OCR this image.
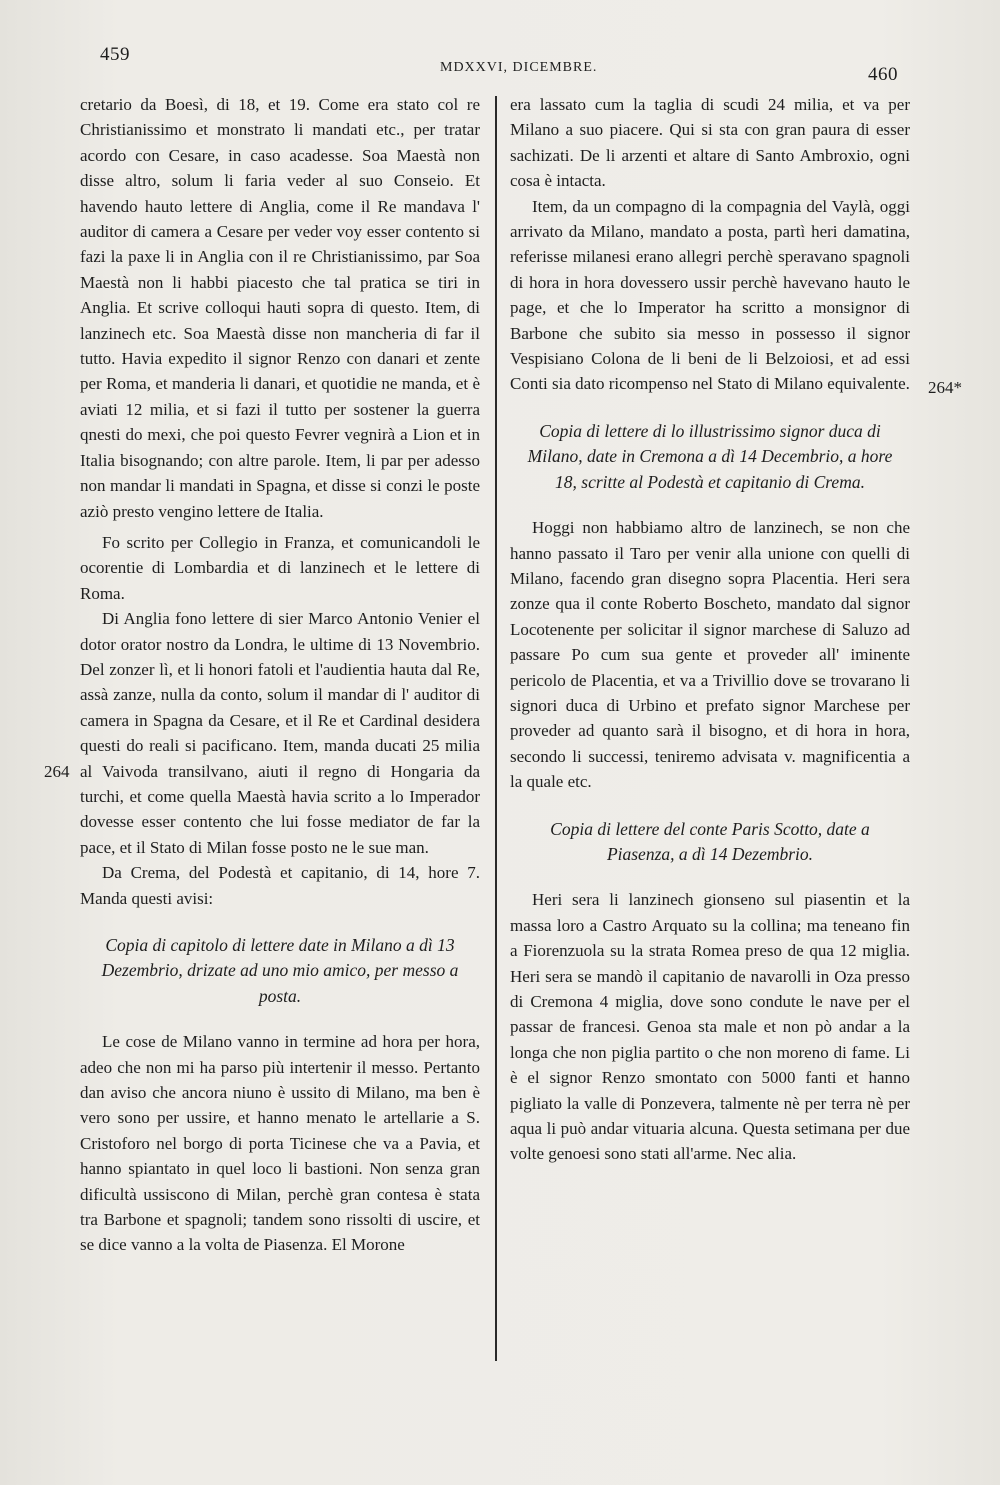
459
MDXXVI, DICEMBRE.	460
264
264*

cretario da Boesì, di 18, et 19. Come era stato col re Christianissimo et monstrato li mandati etc., per tratar acordo con Cesare, in caso acadesse. Soa Maestà non disse altro, solum li faria veder al suo Conseio. Et havendo hauto lettere di Anglia, come il Re mandava l' auditor di camera a Cesare per veder voy esser contento si fazi la paxe li in Anglia con il re Christianissimo, par Soa Maestà non li habbi piacesto che tal pratica se tiri in Anglia. Et scrive colloqui hauti sopra di questo. Item, di lanzinech etc. Soa Maestà disse non mancheria di far il tutto. Havia expedito il signor Renzo con danari et zente per Roma, et manderia li danari, et quotidie ne manda, et è aviati 12 milia, et si fazi il tutto per sostener la guerra qnesti do mexi, che poi questo Fevrer vegnirà a Lion et in Italia bisognando; con altre parole. Item, li par per adesso non mandar li mandati in Spagna, et disse si conzi le poste aziò presto vengino lettere de Italia.

Fo scrito per Collegio in Franza, et comunicandoli le ocorentie di Lombardia et di lanzinech et le lettere di Roma.

Di Anglia fono lettere di sier Marco Antonio Venier el dotor orator nostro da Londra, le ultime di 13 Novembrio. Del zonzer lì, et li honori fatoli et l'audientia hauta dal Re, assà zanze, nulla da conto, solum il mandar di l' auditor di camera in Spagna da Cesare, et il Re et Cardinal desidera questi do reali si pacificano. Item, manda ducati 25 milia al Vaivoda transilvano, aiuti il regno di Hongaria da turchi, et come quella Maestà havia scrito a lo Imperador dovesse esser contento che lui fosse mediator de far la pace, et il Stato di Milan fosse posto ne le sue man.

Da Crema, del Podestà et capitanio, di 14, hore 7. Manda questi avisi:

Copia di capitolo di lettere date in Milano a dì 13 Dezembrio, drizate ad uno mio amico, per messo a posta.

Le cose de Milano vanno in termine ad hora per hora, adeo che non mi ha parso più intertenir il messo. Pertanto dan aviso che ancora niuno è ussito di Milano, ma ben è vero sono per ussire, et hanno menato le artellarie a S. Cristoforo nel borgo di porta Ticinese che va a Pavia, et hanno spiantato in quel loco li bastioni. Non senza gran dificultà ussiscono di Milan, perchè gran contesa è stata tra Barbone et spagnoli; tandem sono rissolti di uscire, et se dice vanno a la volta de Piasenza. El Morone

era lassato cum la taglia di scudi 24 milia, et va per Milano a suo piacere. Qui si sta con gran paura di esser sachizati. De li arzenti et altare di Santo Ambroxio, ogni cosa è intacta.

Item, da un compagno di la compagnia del Vaylà, oggi arrivato da Milano, mandato a posta, partì heri damatina, referisse milanesi erano allegri perchè speravano spagnoli di hora in hora dovessero ussir perchè havevano hauto le page, et che lo Imperator ha scritto a monsignor di Barbone che subito sia messo in possesso il signor Vespisiano Colona de li beni de li Belzoiosi, et ad essi Conti sia dato ricompenso nel Stato di Milano equivalente.

Copia di lettere di lo illustrissimo signor duca di Milano, date in Cremona a dì 14 Decembrio, a hore 18, scritte al Podestà et capitanio di Crema.

Hoggi non habbiamo altro de lanzinech, se non che hanno passato il Taro per venir alla unione con quelli di Milano, facendo gran disegno sopra Placentia. Heri sera zonze qua il conte Roberto Boscheto, mandato dal signor Locotenente per solicitar il signor marchese di Saluzo ad passare Po cum sua gente et proveder all' iminente pericolo de Placentia, et va a Trivillio dove se trovarano li signori duca di Urbino et prefato signor Marchese per proveder ad quanto sarà il bisogno, et di hora in hora, secondo li successi, teniremo advisata v. magnificentia a la quale etc.

Copia di lettere del conte Paris Scotto, date a Piasenza, a dì 14 Dezembrio.

Heri sera li lanzinech gionseno sul piasentin et la massa loro a Castro Arquato su la collina; ma teneano fin a Fiorenzuola su la strata Romea preso de qua 12 miglia. Heri sera se mandò il capitanio de navarolli in Oza presso di Cremona 4 miglia, dove sono condute le nave per el passar de francesi. Genoa sta male et non pò andar a la longa che non piglia partito o che non moreno di fame. Li è el signor Renzo smontato con 5000 fanti et hanno pigliato la valle di Ponzevera, talmente nè per terra nè per aqua li può andar vituaria alcuna. Questa setimana per due volte genoesi sono stati all'arme. Nec alia.
